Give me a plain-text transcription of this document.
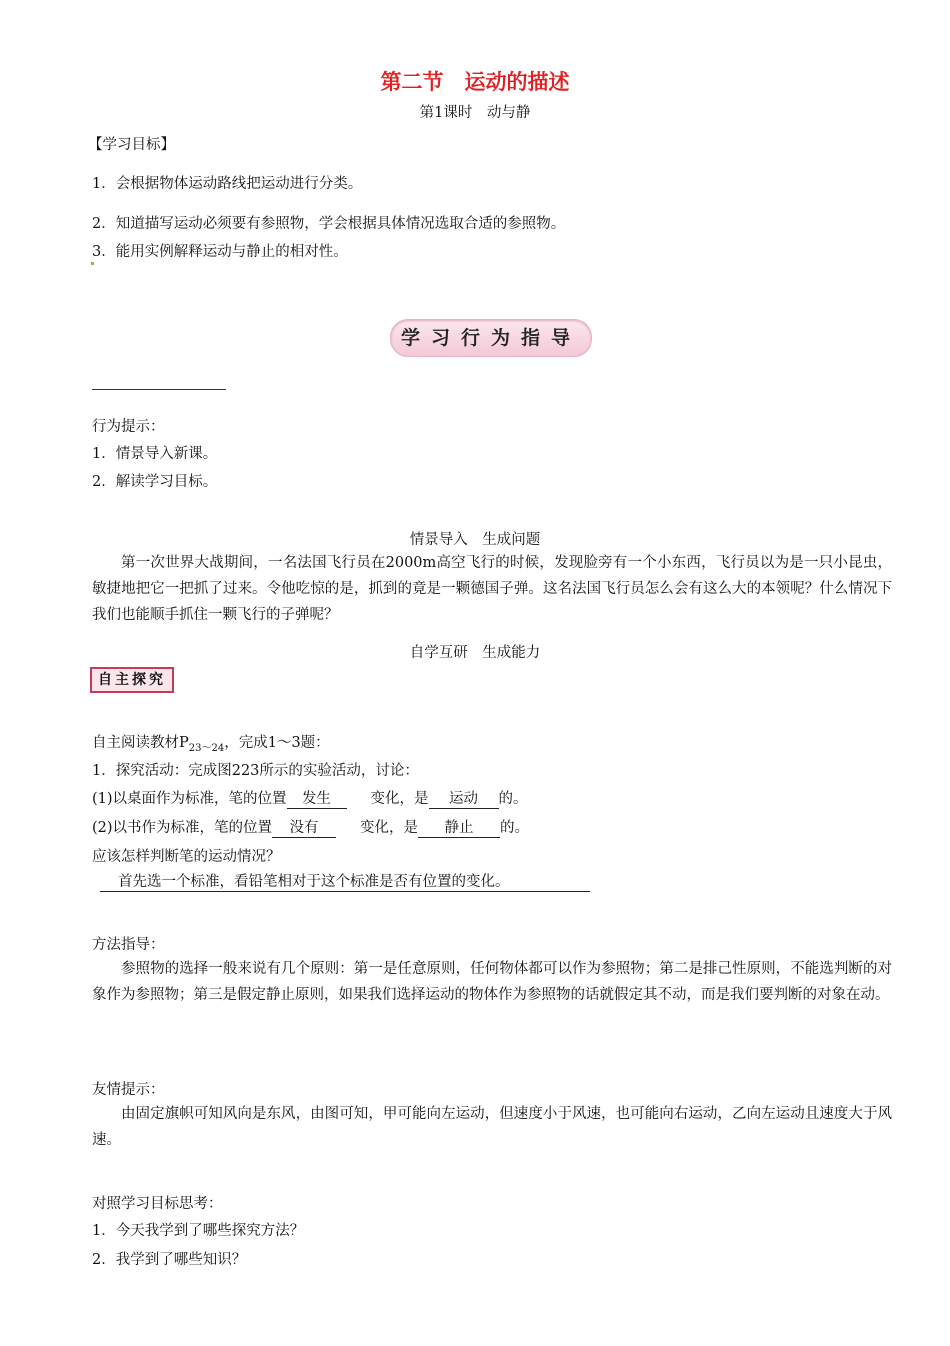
第二节　运动的描述
第1课时　动与静
【学习目标】
1．会根据物体运动路线把运动进行分类。
2．知道描写运动必须要有参照物，学会根据具体情况选取合适的参照物。
3．能用实例解释运动与静止的相对性。
学习行为指导
行为提示：
1．情景导入新课。
2．解读学习目标。
情景导入　生成问题
第一次世界大战期间，一名法国飞行员在2000m高空飞行的时候，发现脸旁有一个小东西，飞行员以为是一只小昆虫，敏捷地把它一把抓了过来。令他吃惊的是，抓到的竟是一颗德国子弹。这名法国飞行员怎么会有这么大的本领呢？什么情况下我们也能顺手抓住一颗飞行的子弹呢？
自学互研　生成能力
自主探究
自主阅读教材$P_{23\sim 24}$，完成1～3题：
1．探究活动：完成图223所示的实验活动，讨论：
(1)以桌面作为标准，笔的位置 发生	变化，是 运动 的。
(2)以书作为标准，笔的位置 没有	变化，是 静止 的。
应该怎样判断笔的运动情况？
首先选一个标准，看铅笔相对于这个标准是否有位置的变化。
方法指导：
参照物的选择一般来说有几个原则：第一是任意原则，任何物体都可以作为参照物；第二是排己性原则，不能选判断的对象作为参照物；第三是假定静止原则，如果我们选择运动的物体作为参照物的话就假定其不动，而是我们要判断的对象在动。
友情提示：
由固定旗帜可知风向是东风，由图可知，甲可能向左运动，但速度小于风速，也可能向右运动，乙向左运动且速度大于风速。
对照学习目标思考：
1．今天我学到了哪些探究方法？
2．我学到了哪些知识？
